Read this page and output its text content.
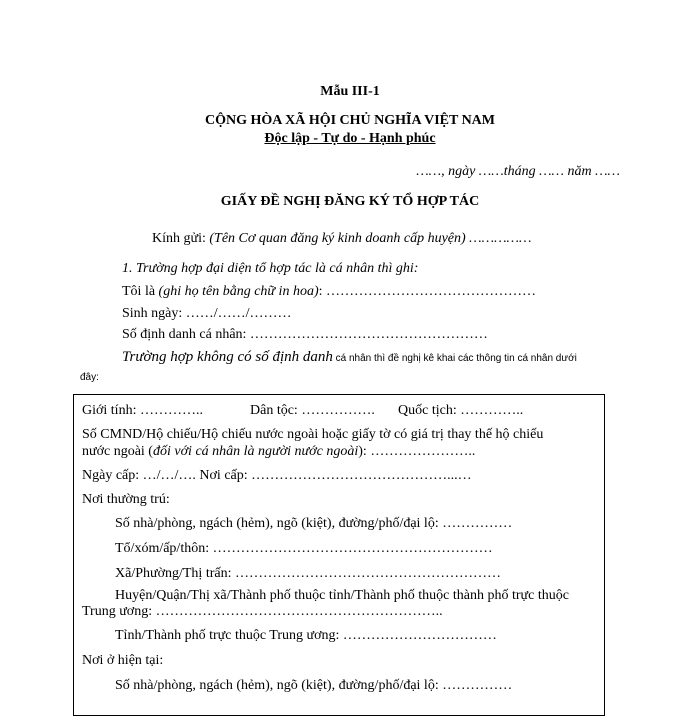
Mẫu III-1
CỘNG HÒA XÃ HỘI CHỦ NGHĨA VIỆT NAM
Độc lập - Tự do - Hạnh phúc
……, ngày ……tháng …… năm ……
GIẤY ĐỀ NGHỊ ĐĂNG KÝ TỔ HỢP TÁC
Kính gửi: (Tên Cơ quan đăng ký kinh doanh cấp huyện) ……………
1. Trường hợp đại diện tổ hợp tác là cá nhân thì ghi:
Tôi là (ghi họ tên bằng chữ in hoa): ………………………………………
Sinh ngày: ……/……/………
Số định danh cá nhân: ……………………………………………
Trường hợp không có số định danh cá nhân thì đề nghị kê khai các thông tin cá nhân dưới
đây:
Giới tính: …………..	Dân tộc: ……………. Quốc tịch: …………..
Số CMND/Hộ chiếu/Hộ chiếu nước ngoài hoặc giấy tờ có giá trị thay thế hộ chiếu
nước ngoài (đối với cá nhân là người nước ngoài): …………………..
Ngày cấp: …/…/…. Nơi cấp: ……………………………………...…
Nơi thường trú:
Số nhà/phòng, ngách (hẻm), ngõ (kiệt), đường/phố/đại lộ: ……………
Tổ/xóm/ấp/thôn: ……………………………………………………
Xã/Phường/Thị trấn: …………………………………………………
Huyện/Quận/Thị xã/Thành phố thuộc tỉnh/Thành phố thuộc thành phố trực thuộc
Trung ương: ……………………………………………………..
Tỉnh/Thành phố trực thuộc Trung ương: ……………………………
Nơi ở hiện tại:
Số nhà/phòng, ngách (hẻm), ngõ (kiệt), đường/phố/đại lộ: ……………
